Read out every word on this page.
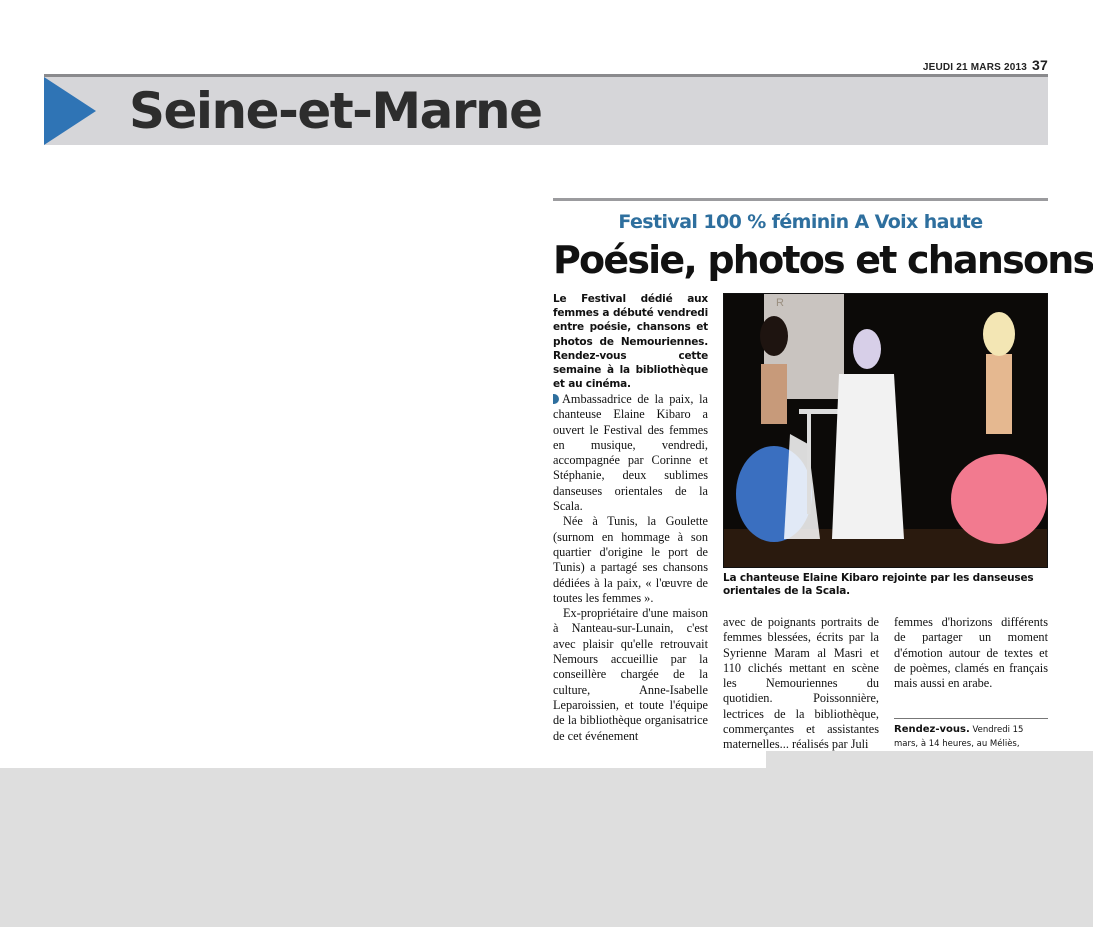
JEUDI 21 MARS 2013 37
Seine-et-Marne
Festival 100 % féminin A Voix haute
Poésie, photos et chansons
Le Festival dédié aux femmes a débuté vendredi entre poésie, chansons et photos de Nemouriennes. Rendez-vous cette semaine à la bibliothèque et au cinéma.

Ambassadrice de la paix, la chanteuse Elaine Kibaro a ouvert le Festival des femmes en musique, vendredi, accompagnée par Corinne et Stéphanie, deux sublimes danseuses orientales de la Scala.

Née à Tunis, la Goulette (surnom en hommage à son quartier d'origine le port de Tunis) a partagé ses chansons dédiées à la paix, « l'œuvre de toutes les femmes ».

Ex-propriétaire d'une maison à Nanteau-sur-Lunain, c'est avec plaisir qu'elle retrouvait Nemours accueillie par la conseillère chargée de la culture, Anne-Isabelle Leparoissien, et toute l'équipe de la bibliothèque organisatrice de cet événement

R
La chanteuse Elaine Kibaro rejointe par les danseuses orientales de la Scala.
avec de poignants portraits de femmes blessées, écrits par la Syrienne Maram al Masri et 110 clichés mettant en scène les Nemouriennes du quotidien. Poissonnière, lectrices de la bibliothèque, commerçantes et assistantes maternelles... réalisés par Juli
femmes d'horizons différents de partager un moment d'émotion autour de textes et de poèmes, clamés en français mais aussi en arabe.
Rendez-vous. Vendredi 15 mars, à 14 heures, au Méliès,
